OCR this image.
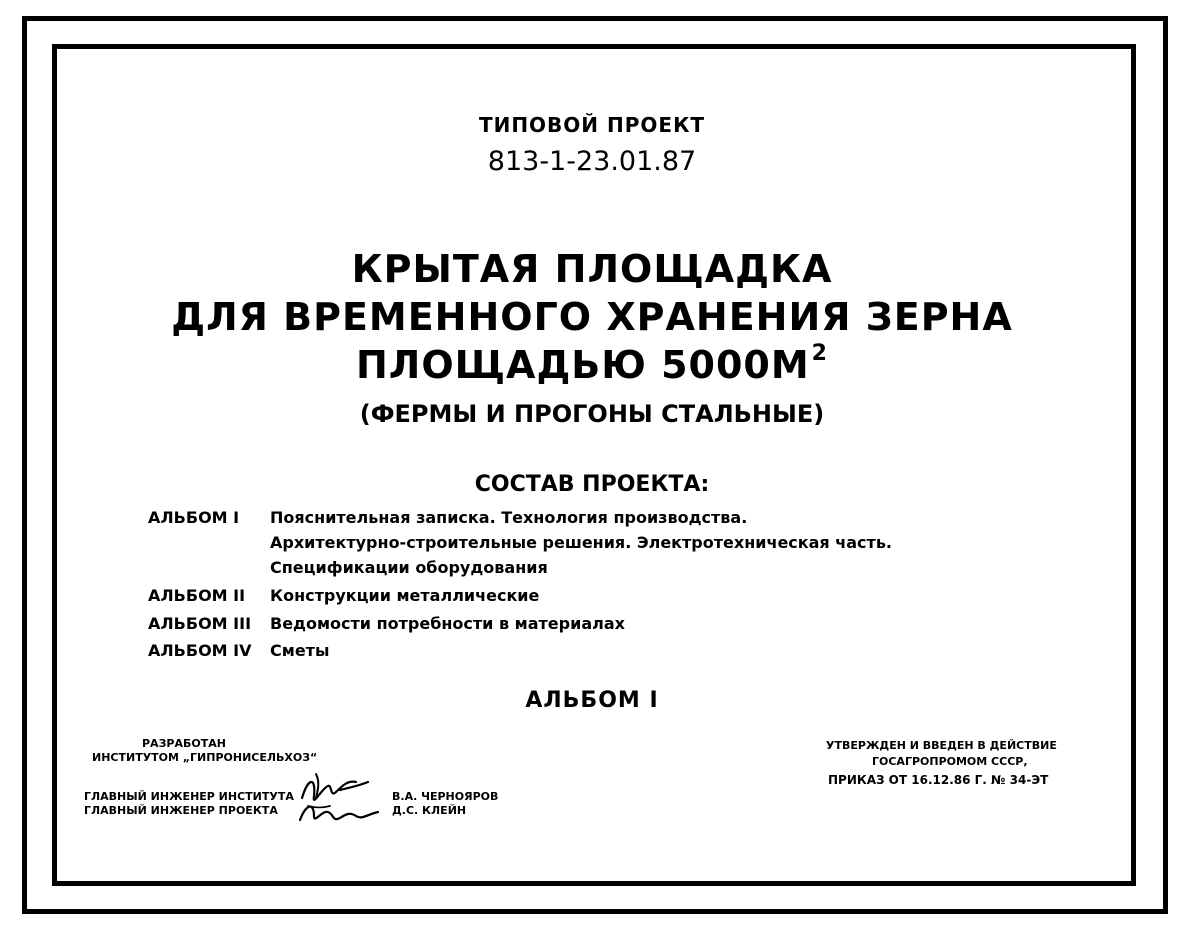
ТИПОВОЙ ПРОЕКТ
813-1-23.01.87
КРЫТАЯ ПЛОЩАДКА
ДЛЯ ВРЕМЕННОГО ХРАНЕНИЯ ЗЕРНА
ПЛОЩАДЬЮ $5000М^2$
(ФЕРМЫ И ПРОГОНЫ СТАЛЬНЫЕ)
СОСТАВ ПРОЕКТА:
АЛЬБОМ I Пояснительная записка. Технология производства.
Архитектурно-строительные решения. Электротехническая часть.
Спецификации оборудования
АЛЬБОМ II Конструкции металлические
АЛЬБОМ III Ведомости потребности в материалах
АЛЬБОМ IV Сметы
АЛЬБОМ I
РАЗРАБОТАН
ИНСТИТУТОМ „ГИПРОНИСЕЛЬХОЗ“
ГЛАВНЫЙ ИНЖЕНЕР ИНСТИТУТА
ГЛАВНЫЙ ИНЖЕНЕР ПРОЕКТА
В.А. ЧЕРНОЯРОВ
Д.С. КЛЕЙН
УТВЕРЖДЕН И ВВЕДЕН В ДЕЙСТВИЕ
ГОСАГРОПРОМОМ СССР,
ПРИКАЗ ОТ 16.12.86 Г. № 34-ЭТ
